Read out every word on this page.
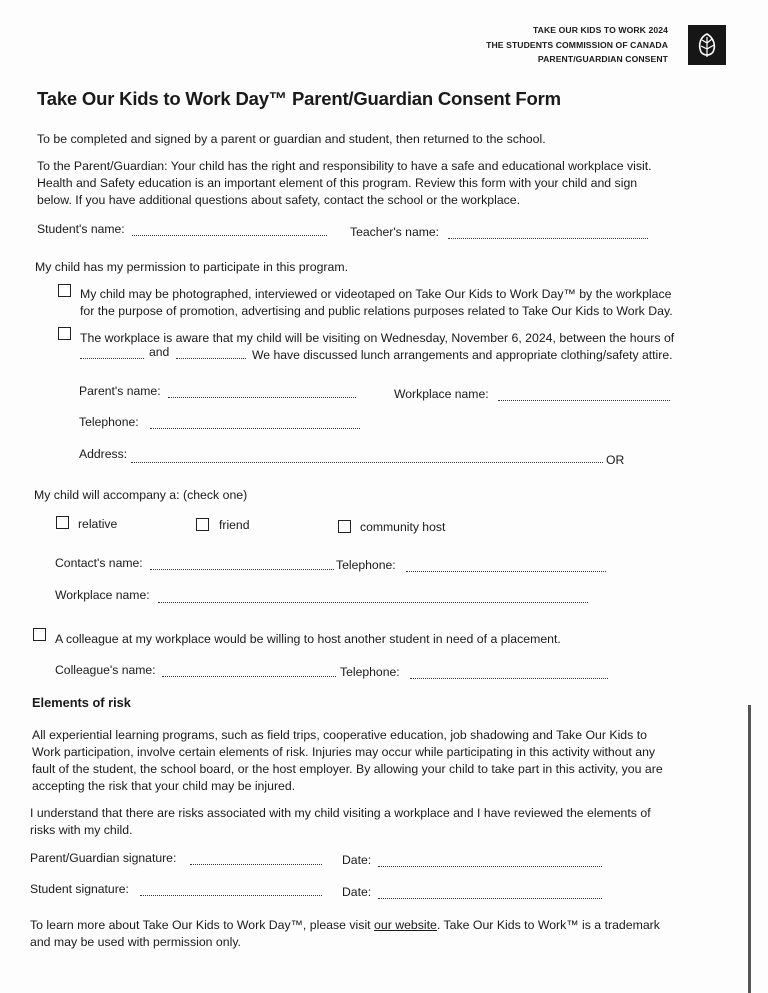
TAKE OUR KIDS TO WORK 2024
THE STUDENTS COMMISSION OF CANADA
PARENT/GUARDIAN CONSENT
Take Our Kids to Work Day™ Parent/Guardian Consent Form
To be completed and signed by a parent or guardian and student, then returned to the school.
To the Parent/Guardian: Your child has the right and responsibility to have a safe and educational workplace visit.
Health and Safety education is an important element of this program. Review this form with your child and sign
below. If you have additional questions about safety, contact the school or the workplace.
Student's name:	Teacher's name:
My child has my permission to participate in this program.
My child may be photographed, interviewed or videotaped on Take Our Kids to Work Day™ by the workplace
for the purpose of promotion, advertising and public relations purposes related to Take Our Kids to Work Day.
The workplace is aware that my child will be visiting on Wednesday, November 6, 2024, between the hours of
and	We have discussed lunch arrangements and appropriate clothing/safety attire.
Parent's name:	Workplace name:
Telephone:
Address:	OR
My child will accompany a: (check one)
relative	friend	community host
Contact's name:	Telephone:
Workplace name:
A colleague at my workplace would be willing to host another student in need of a placement.
Colleague's name:	Telephone:
Elements of risk
All experiential learning programs, such as field trips, cooperative education, job shadowing and Take Our Kids to
Work participation, involve certain elements of risk. Injuries may occur while participating in this activity without any
fault of the student, the school board, or the host employer. By allowing your child to take part in this activity, you are
accepting the risk that your child may be injured.
I understand that there are risks associated with my child visiting a workplace and I have reviewed the elements of
risks with my child.
Parent/Guardian signature:	Date:
Student signature:	Date:
To learn more about Take Our Kids to Work Day™, please visit our website. Take Our Kids to Work™ is a trademark
and may be used with permission only.
